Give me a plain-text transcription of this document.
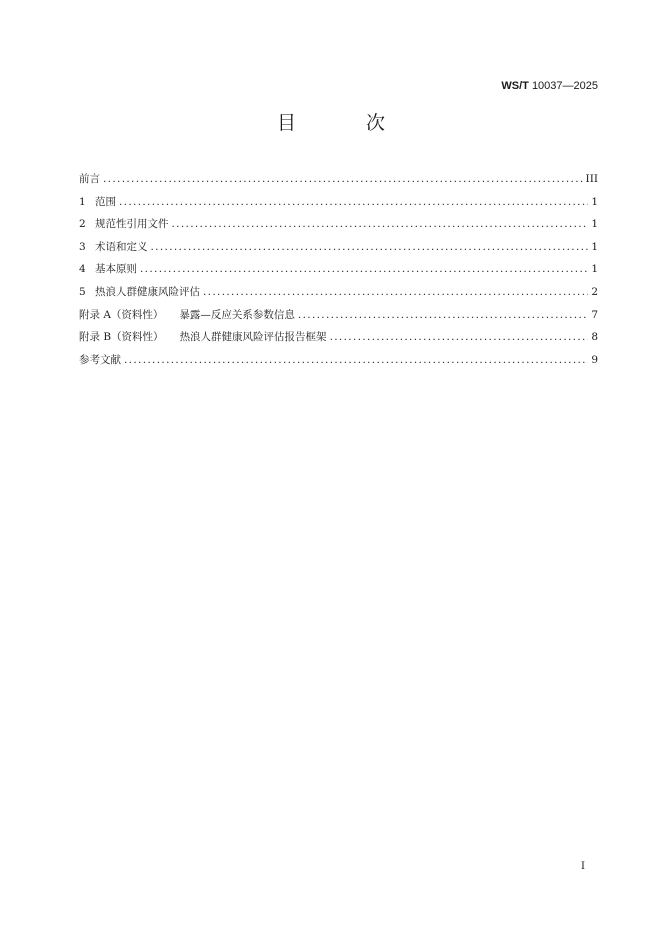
WS/T 10037—2025
目 次
前言 . . .	III
1 范围 . . .	1
2 规范性引用文件 . . .	1
3 术语和定义 . . .	1
4 基本原则 . . .	1
5 热浪人群健康风险评估 . . .	2
附录 A（资料性） 暴露—反应关系参数信息 . . .	7
附录 B（资料性） 热浪人群健康风险评估报告框架 . . .	8
参考文献 . . .	9
I
